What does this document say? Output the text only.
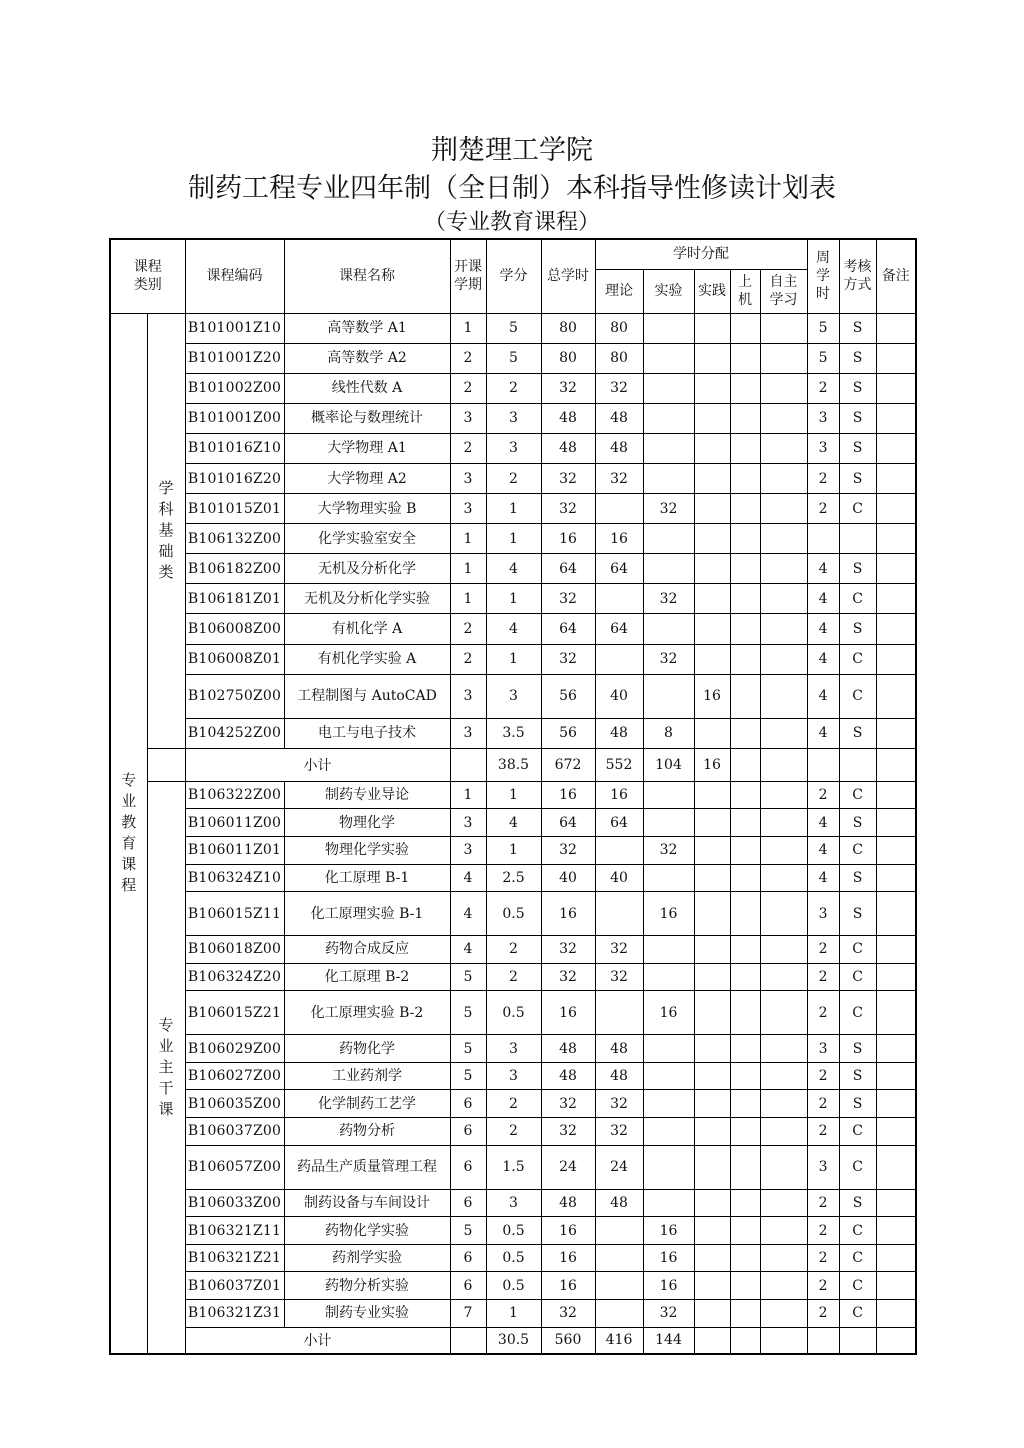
荆楚理工学院
制药工程专业四年制（全日制）本科指导性修读计划表
（专业教育课程）
课程类别		课程编码	课程名称	开课学期	学分	总学时	学时分配					周学时	考核方式	备注
							理论	实验	实践	上机	自主学习			
专业教育课程	学科基础类	B101001Z10	高等数学 A1	1	5	80	80					5	S	
		B101001Z20	高等数学 A2	2	5	80	80					5	S	
		B101002Z00	线性代数 A	2	2	32	32					2	S	
		B101001Z00	概率论与数理统计	3	3	48	48					3	S	
		B101016Z10	大学物理 A1	2	3	48	48					3	S	
		B101016Z20	大学物理 A2	3	2	32	32					2	S	
		B101015Z01	大学物理实验 B	3	1	32		32				2	C	
		B106132Z00	化学实验室安全	1	1	16	16							
		B106182Z00	无机及分析化学	1	4	64	64					4	S	
		B106181Z01	无机及分析化学实验	1	1	32		32				4	C	
		B106008Z00	有机化学 A	2	4	64	64					4	S	
		B106008Z01	有机化学实验 A	2	1	32		32				4	C	
		B102750Z00	工程制图与 AutoCAD	3	3	56	40		16			4	C	
		B104252Z00	电工与电子技术	3	3.5	56	48	8				4	S	
		小计			38.5	672	552	104	16					
	专业主干课	B106322Z00	制药专业导论	1	1	16	16					2	C	
		B106011Z00	物理化学	3	4	64	64					4	S	
		B106011Z01	物理化学实验	3	1	32		32				4	C	
		B106324Z10	化工原理 B-1	4	2.5	40	40					4	S	
		B106015Z11	化工原理实验 B-1	4	0.5	16		16				3	S	
		B106018Z00	药物合成反应	4	2	32	32					2	C	
		B106324Z20	化工原理 B-2	5	2	32	32					2	C	
		B106015Z21	化工原理实验 B-2	5	0.5	16		16				2	C	
		B106029Z00	药物化学	5	3	48	48					3	S	
		B106027Z00	工业药剂学	5	3	48	48					2	S	
		B106035Z00	化学制药工艺学	6	2	32	32					2	S	
		B106037Z00	药物分析	6	2	32	32					2	C	
		B106057Z00	药品生产质量管理工程	6	1.5	24	24					3	C	
		B106033Z00	制药设备与车间设计	6	3	48	48					2	S	
		B106321Z11	药物化学实验	5	0.5	16		16				2	C	
		B106321Z21	药剂学实验	6	0.5	16		16				2	C	
		B106037Z01	药物分析实验	6	0.5	16		16				2	C	
		B106321Z31	制药专业实验	7	1	32		32				2	C	
		小计			30.5	560	416	144						
